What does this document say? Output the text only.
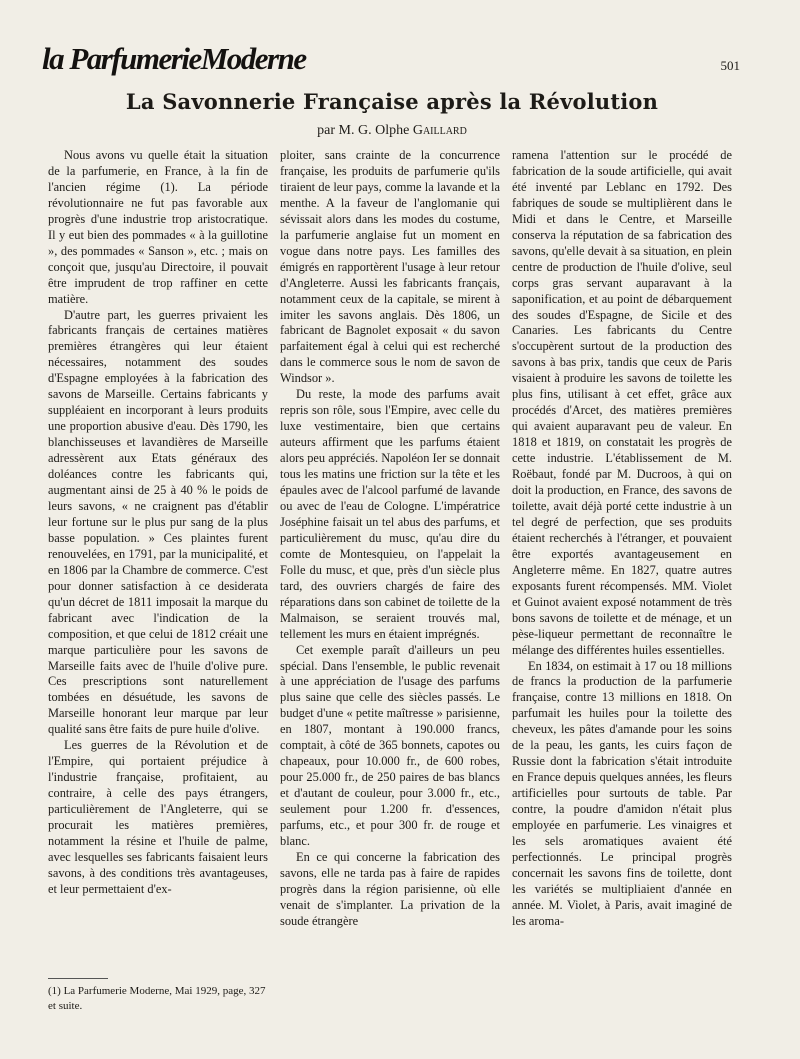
la ParfumerieModerne	501
La Savonnerie Française après la Révolution
par M. G. Olphe Gaillard

Nous avons vu quelle était la situation de la parfumerie, en France, à la fin de l'ancien régime (1). La période révolutionnaire ne fut pas favorable aux progrès d'une industrie trop aristocratique. Il y eut bien des pommades « à la guillotine », des pommades « Sanson », etc. ; mais on conçoit que, jusqu'au Directoire, il pouvait être imprudent de trop raffiner en cette matière.

D'autre part, les guerres privaient les fabricants français de certaines matières premières étrangères qui leur étaient nécessaires, notamment des soudes d'Espagne employées à la fabrication des savons de Marseille. Certains fabricants y suppléaient en incorporant à leurs produits une proportion abusive d'eau. Dès 1790, les blanchisseuses et lavandières de Marseille adressèrent aux Etats généraux des doléances contre les fabricants qui, augmentant ainsi de 25 à 40 % le poids de leurs savons, « ne craignent pas d'établir leur fortune sur le plus pur sang de la plus basse population. » Ces plaintes furent renouvelées, en 1791, par la municipalité, et en 1806 par la Chambre de commerce. C'est pour donner satisfaction à ce desiderata qu'un décret de 1811 imposait la marque du fabricant avec l'indication de la composition, et que celui de 1812 créait une marque particulière pour les savons de Marseille faits avec de l'huile d'olive pure. Ces prescriptions sont naturellement tombées en désuétude, les savons de Marseille honorant leur marque par leur qualité sans être faits de pure huile d'olive.

Les guerres de la Révolution et de l'Empire, qui portaient préjudice à l'industrie française, profitaient, au contraire, à celle des pays étrangers, particulièrement de l'Angleterre, qui se procurait les matières premières, notamment la résine et l'huile de palme, avec lesquelles ses fabricants faisaient leurs savons, à des conditions très avantageuses, et leur permettaient d'ex-

ploiter, sans crainte de la concurrence française, les produits de parfumerie qu'ils tiraient de leur pays, comme la lavande et la menthe. A la faveur de l'anglomanie qui sévissait alors dans les modes du costume, la parfumerie anglaise fut un moment en vogue dans notre pays. Les familles des émigrés en rapportèrent l'usage à leur retour d'Angleterre. Aussi les fabricants français, notamment ceux de la capitale, se mirent à imiter les savons anglais. Dès 1806, un fabricant de Bagnolet exposait « du savon parfaitement égal à celui qui est recherché dans le commerce sous le nom de savon de Windsor ».

Du reste, la mode des parfums avait repris son rôle, sous l'Empire, avec celle du luxe vestimentaire, bien que certains auteurs affirment que les parfums étaient alors peu appréciés. Napoléon Ier se donnait tous les matins une friction sur la tête et les épaules avec de l'alcool parfumé de lavande ou avec de l'eau de Cologne. L'impératrice Joséphine faisait un tel abus des parfums, et particulièrement du musc, qu'au dire du comte de Montesquieu, on l'appelait la Folle du musc, et que, près d'un siècle plus tard, des ouvriers chargés de faire des réparations dans son cabinet de toilette de la Malmaison, se seraient trouvés mal, tellement les murs en étaient imprégnés.

Cet exemple paraît d'ailleurs un peu spécial. Dans l'ensemble, le public revenait à une appréciation de l'usage des parfums plus saine que celle des siècles passés. Le budget d'une « petite maîtresse » parisienne, en 1807, montant à 190.000 francs, comptait, à côté de 365 bonnets, capotes ou chapeaux, pour 10.000 fr., de 600 robes, pour 25.000 fr., de 250 paires de bas blancs et d'autant de couleur, pour 3.000 fr., etc., seulement pour 1.200 fr. d'essences, parfums, etc., et pour 300 fr. de rouge et blanc.

En ce qui concerne la fabrication des savons, elle ne tarda pas à faire de rapides progrès dans la région parisienne, où elle venait de s'implanter. La privation de la soude étrangère

ramena l'attention sur le procédé de fabrication de la soude artificielle, qui avait été inventé par Leblanc en 1792. Des fabriques de soude se multiplièrent dans le Midi et dans le Centre, et Marseille conserva la réputation de sa fabrication des savons, qu'elle devait à sa situation, en plein centre de production de l'huile d'olive, seul corps gras servant auparavant à la saponification, et au point de débarquement des soudes d'Espagne, de Sicile et des Canaries. Les fabricants du Centre s'occupèrent surtout de la production des savons à bas prix, tandis que ceux de Paris visaient à produire les savons de toilette les plus fins, utilisant à cet effet, grâce aux procédés d'Arcet, des matières premières qui avaient auparavant peu de valeur. En 1818 et 1819, on constatait les progrès de cette industrie. L'établissement de M. Roëbaut, fondé par M. Ducroos, à qui on doit la production, en France, des savons de toilette, avait déjà porté cette industrie à un tel degré de perfection, que ses produits étaient recherchés à l'étranger, et pouvaient être exportés avantageusement en Angleterre même. En 1827, quatre autres exposants furent récompensés. MM. Violet et Guinot avaient exposé notamment de très bons savons de toilette et de ménage, et un pèse-liqueur permettant de reconnaître le mélange des différentes huiles essentielles.

En 1834, on estimait à 17 ou 18 millions de francs la production de la parfumerie française, contre 13 millions en 1818. On parfumait les huiles pour la toilette des cheveux, les pâtes d'amande pour les soins de la peau, les gants, les cuirs façon de Russie dont la fabrication s'était introduite en France depuis quelques années, les fleurs artificielles pour surtouts de table. Par contre, la poudre d'amidon n'était plus employée en parfumerie. Les vinaigres et les sels aromatiques avaient été perfectionnés. Le principal progrès concernait les savons fins de toilette, dont les variétés se multipliaient d'année en année. M. Violet, à Paris, avait imaginé de les aroma-

(1) La Parfumerie Moderne, Mai 1929, page, 327 et suite.
